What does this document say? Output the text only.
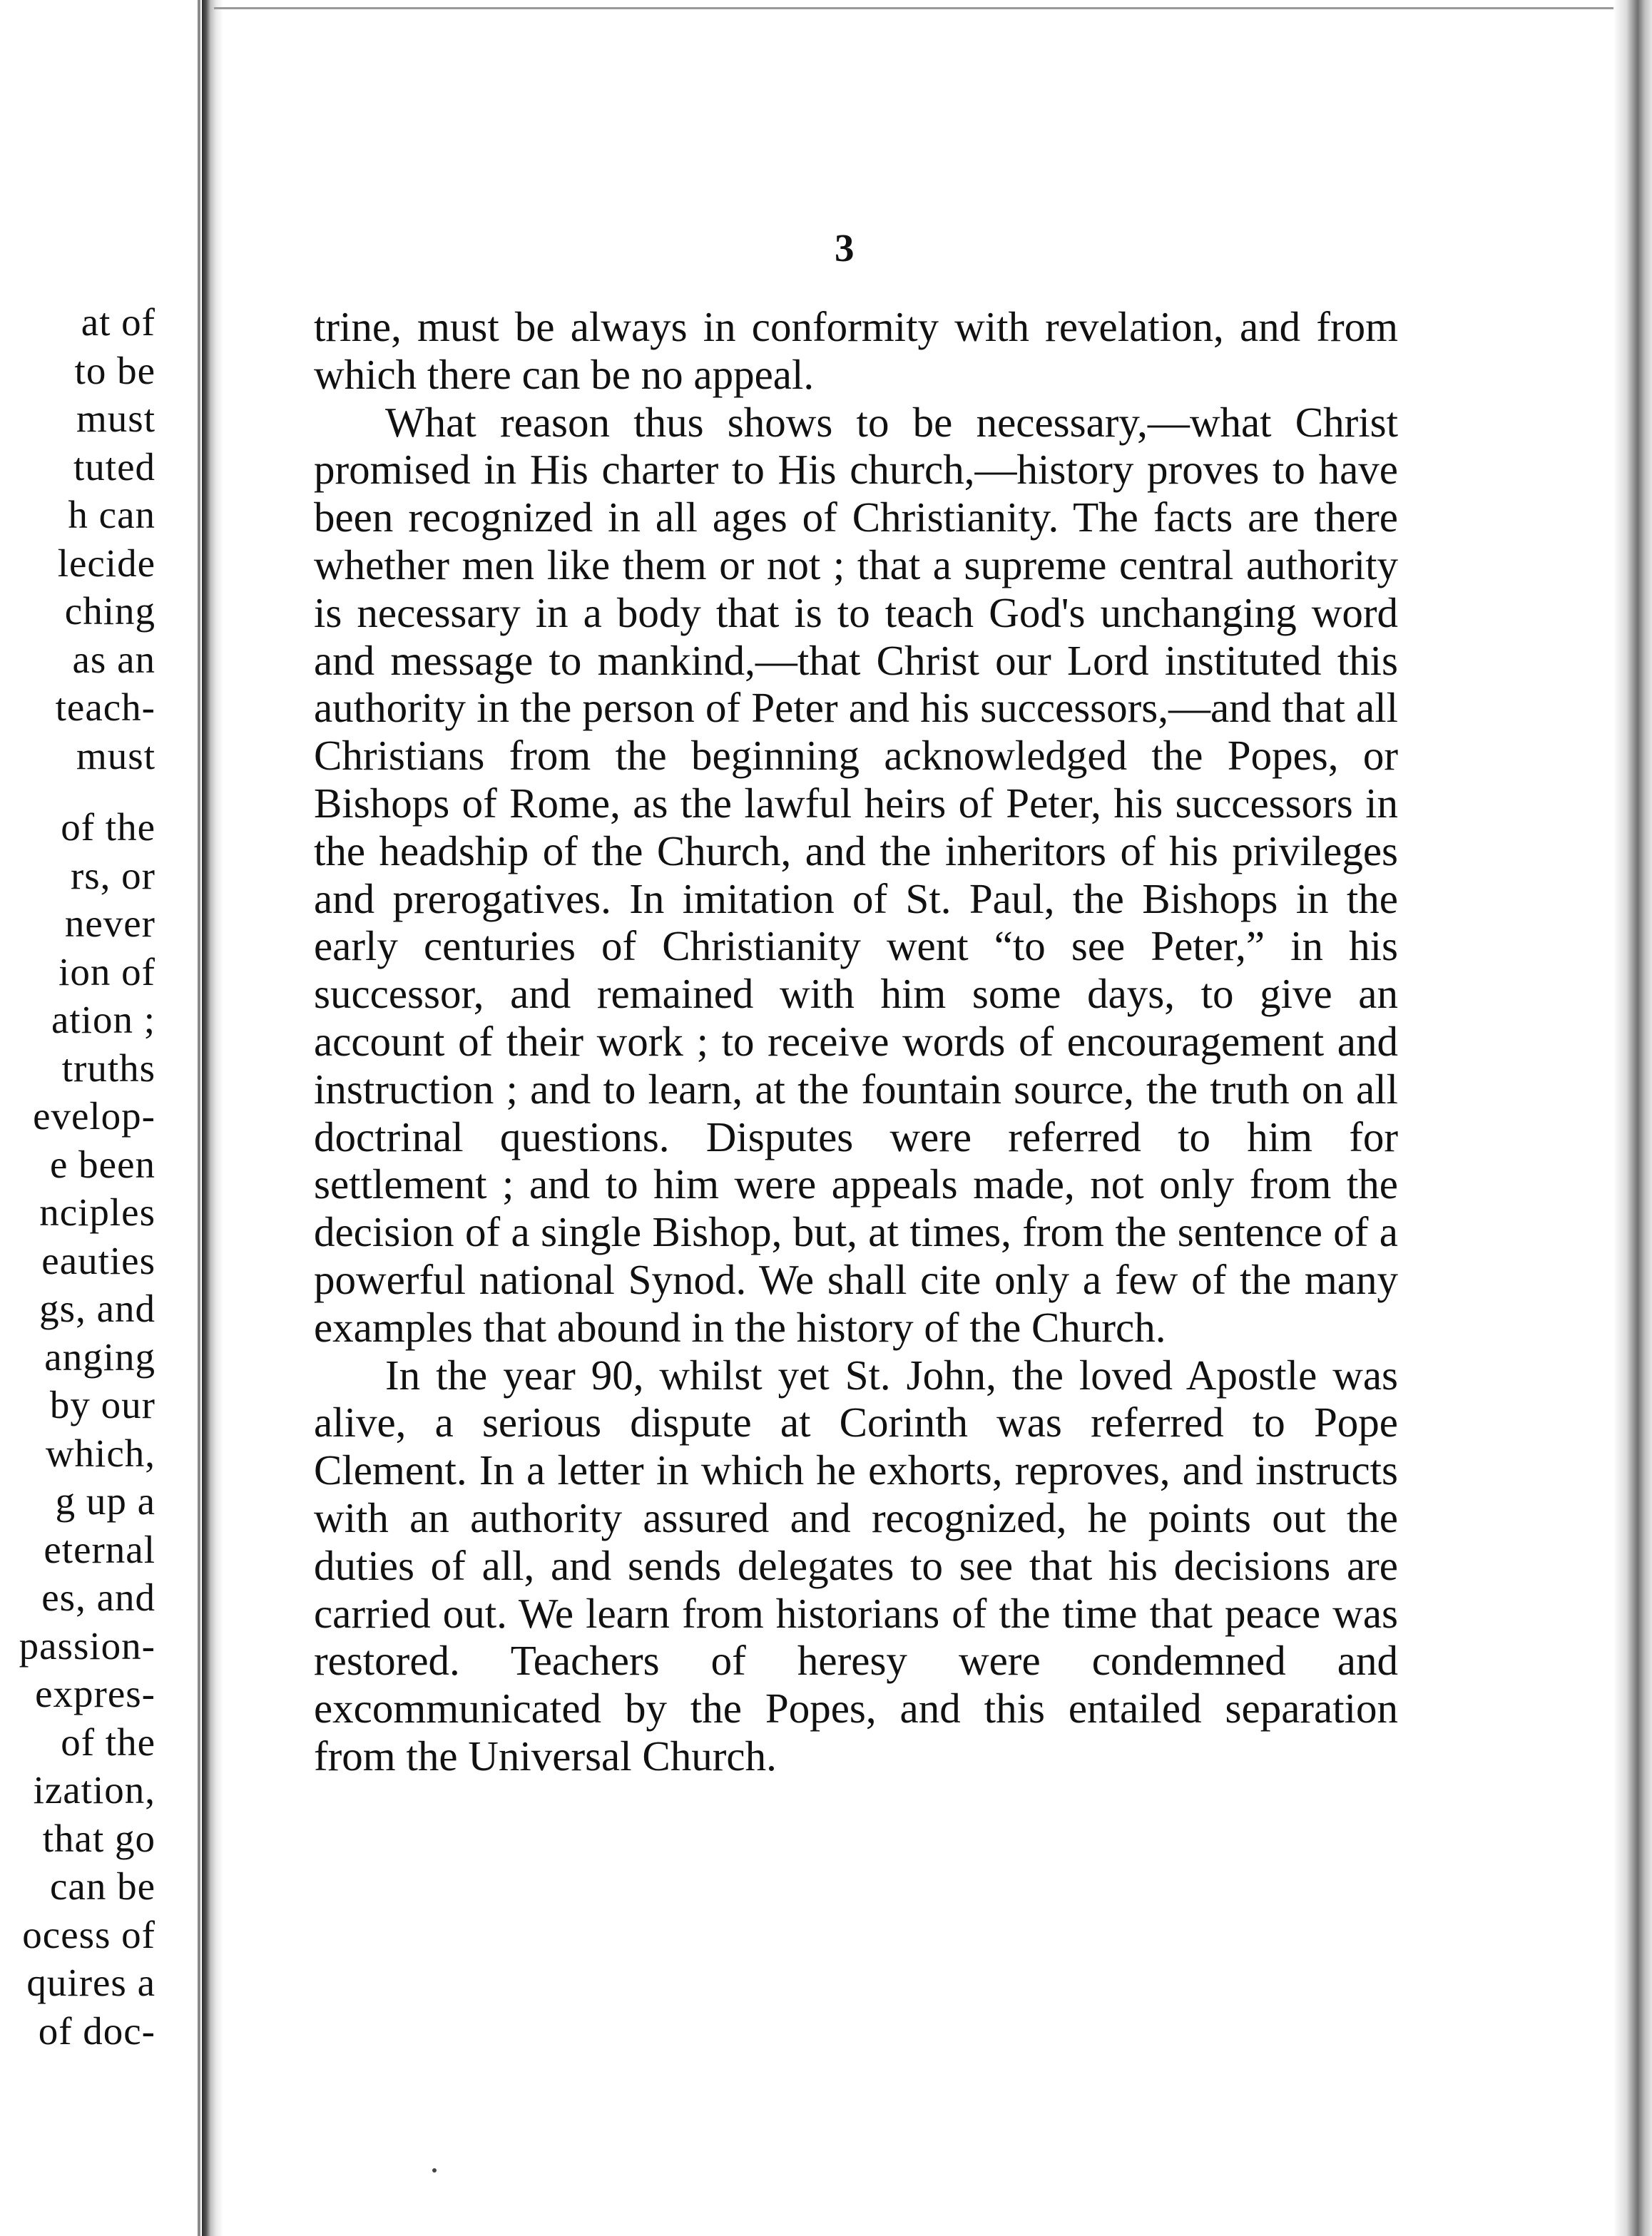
at of
to be
must
tuted
h can
lecide
ching
as an
teach-
must
of the
rs, or
never
ion of
ation ;
truths
evelop-
e been
nciples
eauties
gs, and
anging
by our
which,
g up a
eternal
es, and
passion-
expres-
of the
ization,
that go
can be
ocess of
quires a
of doc-
3

trine, must be always in conformity with revelation, and from which there can be no appeal.

What reason thus shows to be necessary,—what Christ promised in His charter to His church,—history proves to have been recognized in all ages of Christianity. The facts are there whether men like them or not ; that a supreme central authority is necessary in a body that is to teach God's unchanging word and message to mankind,—that Christ our Lord instituted this authority in the person of Peter and his successors,—and that all Christians from the beginning acknowledged the Popes, or Bishops of Rome, as the lawful heirs of Peter, his successors in the headship of the Church, and the inheritors of his privileges and prerogatives. In imitation of St. Paul, the Bishops in the early centuries of Christianity went “to see Peter,” in his successor, and remained with him some days, to give an account of their work ; to receive words of encouragement and instruction ; and to learn, at the fountain source, the truth on all doctrinal questions. Disputes were referred to him for settlement ; and to him were appeals made, not only from the decision of a single Bishop, but, at times, from the sentence of a powerful national Synod. We shall cite only a few of the many examples that abound in the history of the Church.

In the year 90, whilst yet St. John, the loved Apostle was alive, a serious dispute at Corinth was referred to Pope Clement. In a letter in which he exhorts, reproves, and instructs with an authority assured and recognized, he points out the duties of all, and sends delegates to see that his decisions are carried out. We learn from historians of the time that peace was restored. Teachers of heresy were condemned and excommunicated by the Popes, and this entailed separation from the Universal Church.
